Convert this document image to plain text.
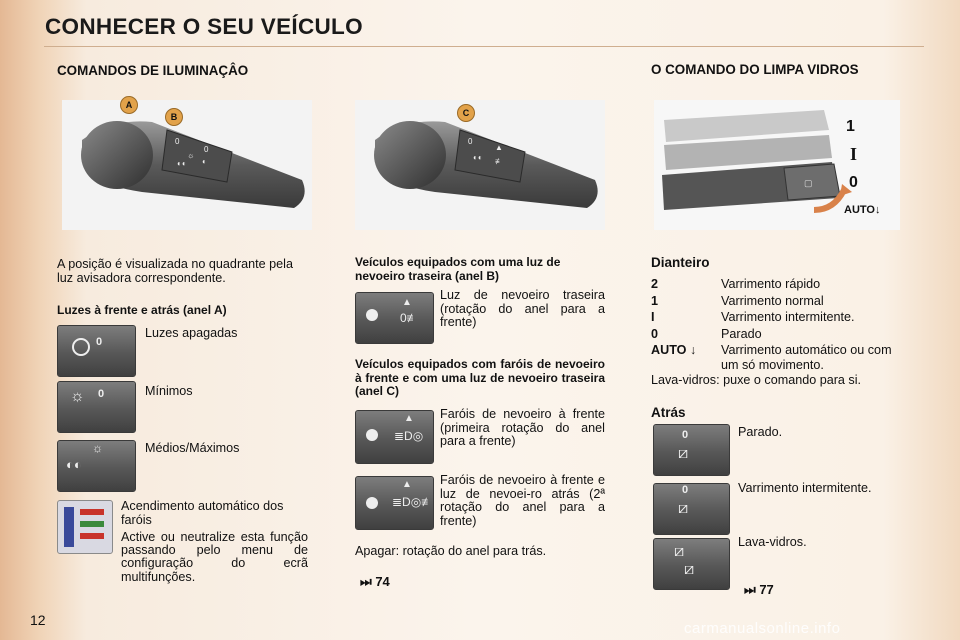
CONHECER O SEU VEÍCULO
COMANDOS DE ILUMINAÇÂO
0
☼
◐◐
0
◐
A
B
0
◐◐
▲
≢
C
A posição é visualizada no quadrante pela luz avisadora correspondente.
Luzes à frente e atrás (anel A)
0
Luzes apagadas
☼ 0	Mínimos
◐◐
☼	Médios/Máximos
Acendimento automático dos faróis
Active ou neutralize esta função passando pelo menu de configuração do ecrã multifunções.
Veículos equipados com uma luz de nevoeiro traseira (anel B)
▲
0≢
Luz de nevoeiro traseira (rotação do anel para a frente)
Veículos equipados com faróis de nevoeiro à frente e com uma luz de nevoeiro traseira (anel C)
≣D◎
▲ Faróis de nevoeiro à frente (primeira rotação do anel para a frente)
▲
≣D◎≢
Faróis de nevoeiro à frente e luz de nevoei-ro atrás (2ª rotação do anel para a frente)
Apagar: rotação do anel para trás.
⏭ 74
O COMANDO DO LIMPA VIDROS
▢
1
I
0
AUTO↓
Dianteiro
2	Varrimento rápido
1	Varrimento normal
I	Varrimento intermitente.
0	Parado
AUTO ↓	Varrimento automático ou com um só movimento.
Lava-vidros: puxe o comando para si.
Atrás
0
⧄
Parado.
0
⧄
Varrimento intermitente.
⧄
⧄
Lava-vidros.
⏭ 77
12	carmanualsonline.info
